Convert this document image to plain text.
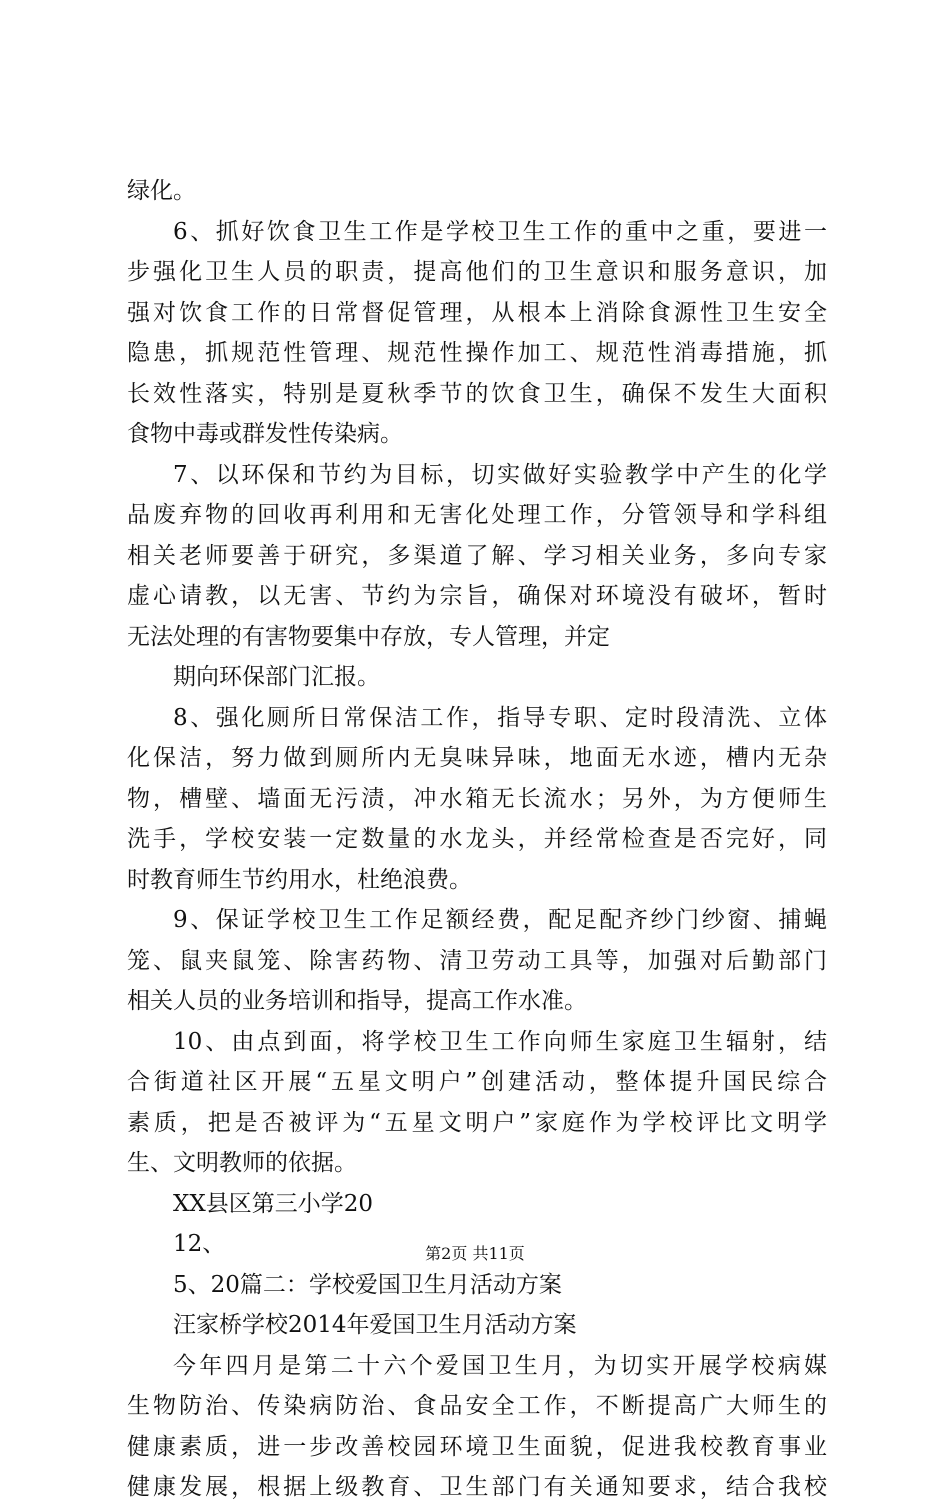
绿化。
6、抓好饮食卫生工作是学校卫生工作的重中之重，要进一
步强化卫生人员的职责，提高他们的卫生意识和服务意识，加
强对饮食工作的日常督促管理，从根本上消除食源性卫生安全
隐患，抓规范性管理、规范性操作加工、规范性消毒措施，抓
长效性落实，特别是夏秋季节的饮食卫生，确保不发生大面积
食物中毒或群发性传染病。
7、以环保和节约为目标，切实做好实验教学中产生的化学
品废弃物的回收再利用和无害化处理工作，分管领导和学科组
相关老师要善于研究，多渠道了解、学习相关业务，多向专家
虚心请教，以无害、节约为宗旨，确保对环境没有破坏，暂时
无法处理的有害物要集中存放，专人管理，并定
期向环保部门汇报。
8、强化厕所日常保洁工作，指导专职、定时段清洗、立体
化保洁，努力做到厕所内无臭味异味，地面无水迹，槽内无杂
物，槽壁、墙面无污渍，冲水箱无长流水；另外，为方便师生
洗手，学校安装一定数量的水龙头，并经常检查是否完好，同
时教育师生节约用水，杜绝浪费。
9、保证学校卫生工作足额经费，配足配齐纱门纱窗、捕蝇
笼、鼠夹鼠笼、除害药物、清卫劳动工具等，加强对后勤部门
相关人员的业务培训和指导，提高工作水准。
10、由点到面，将学校卫生工作向师生家庭卫生辐射，结
合街道社区开展“五星文明户”创建活动，整体提升国民综合
素质，把是否被评为“五星文明户”家庭作为学校评比文明学
生、文明教师的依据。
XX县区第三小学20
12、
5、20篇二：学校爱国卫生月活动方案
汪家桥学校2014年爱国卫生月活动方案
今年四月是第二十六个爱国卫生月，为切实开展学校病媒
生物防治、传染病防治、食品安全工作，不断提高广大师生的
健康素质，进一步改善校园环境卫生面貌，促进我校教育事业
健康发展，根据上级教育、卫生部门有关通知要求，结合我校
第2页 共11页
